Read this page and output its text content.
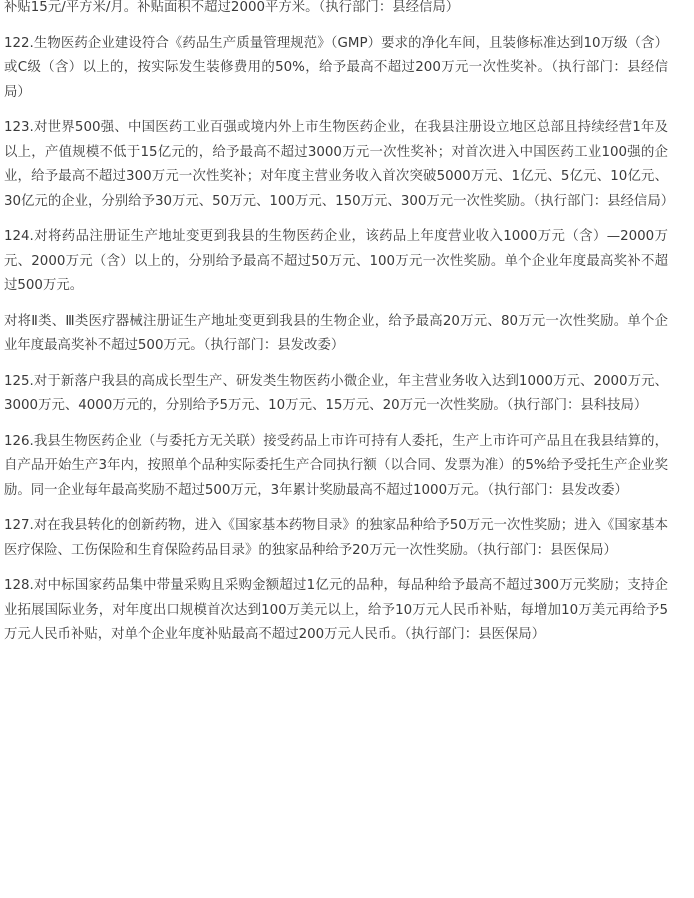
补贴15元/平方米/月。补贴面积不超过2000平方米。（执行部门：县经信局）

122.生物医药企业建设符合《药品生产质量管理规范》（GMP）要求的净化车间，且装修标准达到10万级（含）或C级（含）以上的，按实际发生装修费用的50%，给予最高不超过200万元一次性奖补。（执行部门：县经信局）

123.对世界500强、中国医药工业百强或境内外上市生物医药企业，在我县注册设立地区总部且持续经营1年及以上，产值规模不低于15亿元的，给予最高不超过3000万元一次性奖补；对首次进入中国医药工业100强的企业，给予最高不超过300万元一次性奖补；对年度主营业务收入首次突破5000万元、1亿元、5亿元、10亿元、30亿元的企业，分别给予30万元、50万元、100万元、150万元、300万元一次性奖励。（执行部门：县经信局）

124.对将药品注册证生产地址变更到我县的生物医药企业，该药品上年度营业收入1000万元（含）—2000万元、2000万元（含）以上的，分别给予最高不超过50万元、100万元一次性奖励。单个企业年度最高奖补不超过500万元。

对将Ⅱ类、Ⅲ类医疗器械注册证生产地址变更到我县的生物企业，给予最高20万元、80万元一次性奖励。单个企业年度最高奖补不超过500万元。（执行部门：县发改委）

125.对于新落户我县的高成长型生产、研发类生物医药小微企业，年主营业务收入达到1000万元、2000万元、3000万元、4000万元的，分别给予5万元、10万元、15万元、20万元一次性奖励。（执行部门：县科技局）

126.我县生物医药企业（与委托方无关联）接受药品上市许可持有人委托，生产上市许可产品且在我县结算的，自产品开始生产3年内，按照单个品种实际委托生产合同执行额（以合同、发票为准）的5%给予受托生产企业奖励。同一企业每年最高奖励不超过500万元，3年累计奖励最高不超过1000万元。（执行部门：县发改委）

127.对在我县转化的创新药物，进入《国家基本药物目录》的独家品种给予50万元一次性奖励；进入《国家基本医疗保险、工伤保险和生育保险药品目录》的独家品种给予20万元一次性奖励。（执行部门：县医保局）

128.对中标国家药品集中带量采购且采购金额超过1亿元的品种，每品种给予最高不超过300万元奖励；支持企业拓展国际业务，对年度出口规模首次达到100万美元以上，给予10万元人民币补贴，每增加10万美元再给予5万元人民币补贴，对单个企业年度补贴最高不超过200万元人民币。（执行部门：县医保局）
